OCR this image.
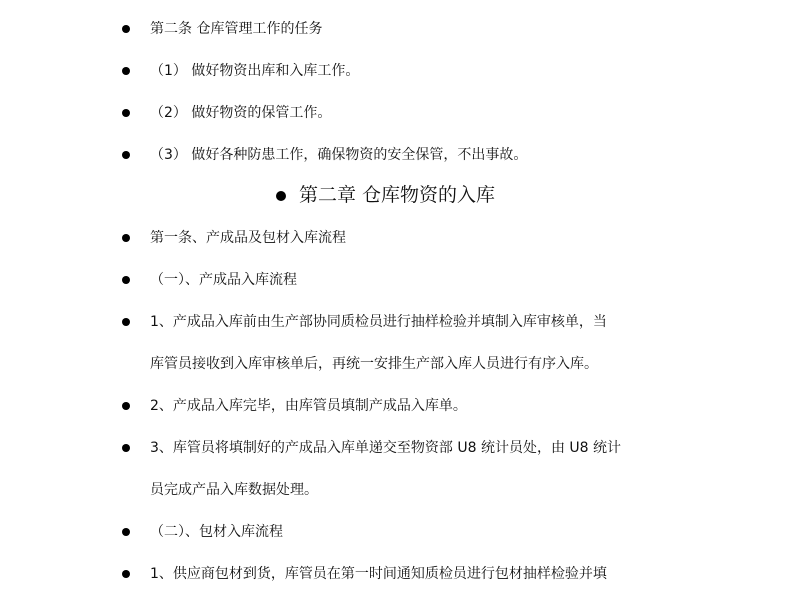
第二条 仓库管理工作的任务
（1） 做好物资出库和入库工作。
（2） 做好物资的保管工作。
（3） 做好各种防患工作，确保物资的安全保管，不出事故。
第二章 仓库物资的入库
第一条、产成品及包材入库流程
（一）、产成品入库流程
1、产成品入库前由生产部协同质检员进行抽样检验并填制入库审核单，当
库管员接收到入库审核单后，再统一安排生产部入库人员进行有序入库。
2、产成品入库完毕，由库管员填制产成品入库单。
3、库管员将填制好的产成品入库单递交至物资部 U8 统计员处，由 U8 统计
员完成产品入库数据处理。
（二）、包材入库流程
1、供应商包材到货，库管员在第一时间通知质检员进行包材抽样检验并填
